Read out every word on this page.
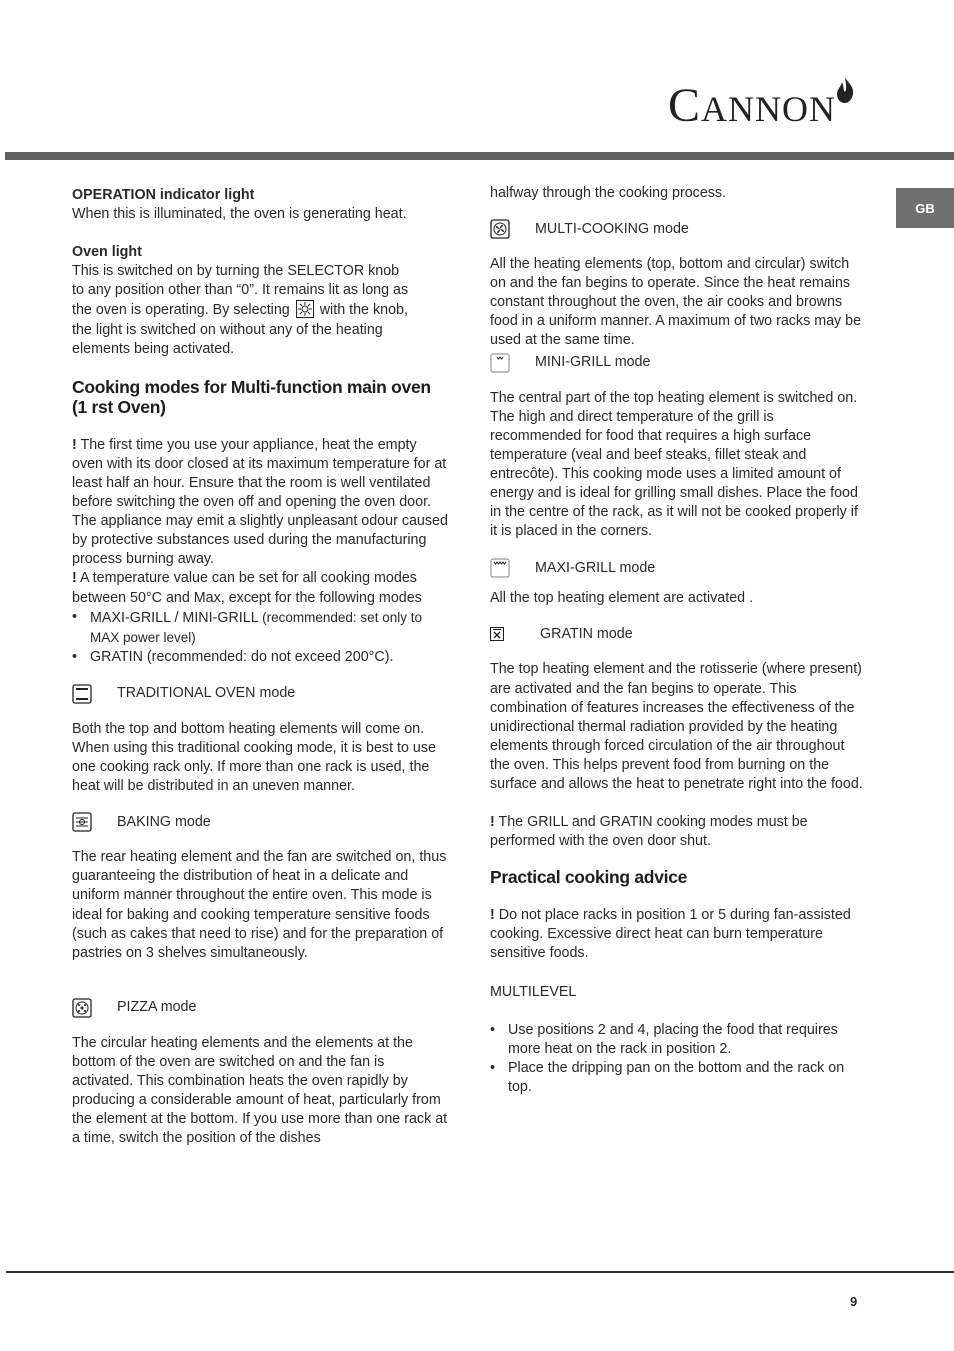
CANNON
GB

OPERATION indicator light

When this is illuminated, the oven is generating heat.

Oven light

This is switched on by turning the SELECTOR knob

to any position other than “0”. It remains lit as long as

the oven is operating. By selecting with the knob,

the light is switched on without any of the heating

elements being activated.

Cooking modes for Multi-function main oven (1 rst Oven)

! The first time you use your appliance, heat the empty oven with its door closed at its maximum temperature for at least half an hour. Ensure that the room is well ventilated before switching the oven off and opening the oven door. The appliance may emit a slightly unpleasant odour caused by protective substances used during the manufacturing process burning away.

! A temperature value can be set for all cooking modes between 50°C and Max, except for the following modes

• MAXI-GRILL / MINI-GRILL (recommended: set only to MAX power level)
• GRATIN (recommended: do not exceed 200°C).
TRADITIONAL OVEN mode

Both the top and bottom heating elements will come on. When using this traditional cooking mode, it is best to use one cooking rack only. If more than one rack is used, the heat will be distributed in an uneven manner.

BAKING mode

The rear heating element and the fan are switched on, thus guaranteeing the distribution of heat in a delicate and uniform manner throughout the entire oven. This mode is ideal for baking and cooking temperature sensitive foods (such as cakes that need to rise) and for the preparation of pastries on 3 shelves simultaneously.

PIZZA mode

The circular heating elements and the elements at the bottom of the oven are switched on and the fan is activated. This combination heats the oven rapidly by producing a considerable amount of heat, particularly from the element at the bottom. If you use more than one rack at a time, switch the position of the dishes

halfway through the cooking process.

MULTI-COOKING mode

All the heating elements (top, bottom and circular) switch on and the fan begins to operate. Since the heat remains constant throughout the oven, the air cooks and browns food in a uniform manner. A maximum of two racks may be used at the same time.

MINI-GRILL mode

The central part of the top heating element is switched on. The high and direct temperature of the grill is recommended for food that requires a high surface temperature (veal and beef steaks, fillet steak and entrecôte). This cooking mode uses a limited amount of energy and is ideal for grilling small dishes. Place the food in the centre of the rack, as it will not be cooked properly if it is placed in the corners.

MAXI-GRILL mode

All the top heating element are activated .

GRATIN mode

The top heating element and the rotisserie (where present) are activated and the fan begins to operate. This combination of features increases the effectiveness of the unidirectional thermal radiation provided by the heating elements through forced circulation of the air throughout the oven. This helps prevent food from burning on the surface and allows the heat to penetrate right into the food.

! The GRILL and GRATIN cooking modes must be performed with the oven door shut.

Practical cooking advice

! Do not place racks in position 1 or 5 during fan-assisted cooking. Excessive direct heat can burn temperature sensitive foods.

MULTILEVEL

• Use positions 2 and 4, placing the food that requires more heat on the rack in position 2.
• Place the dripping pan on the bottom and the rack on top.
9
